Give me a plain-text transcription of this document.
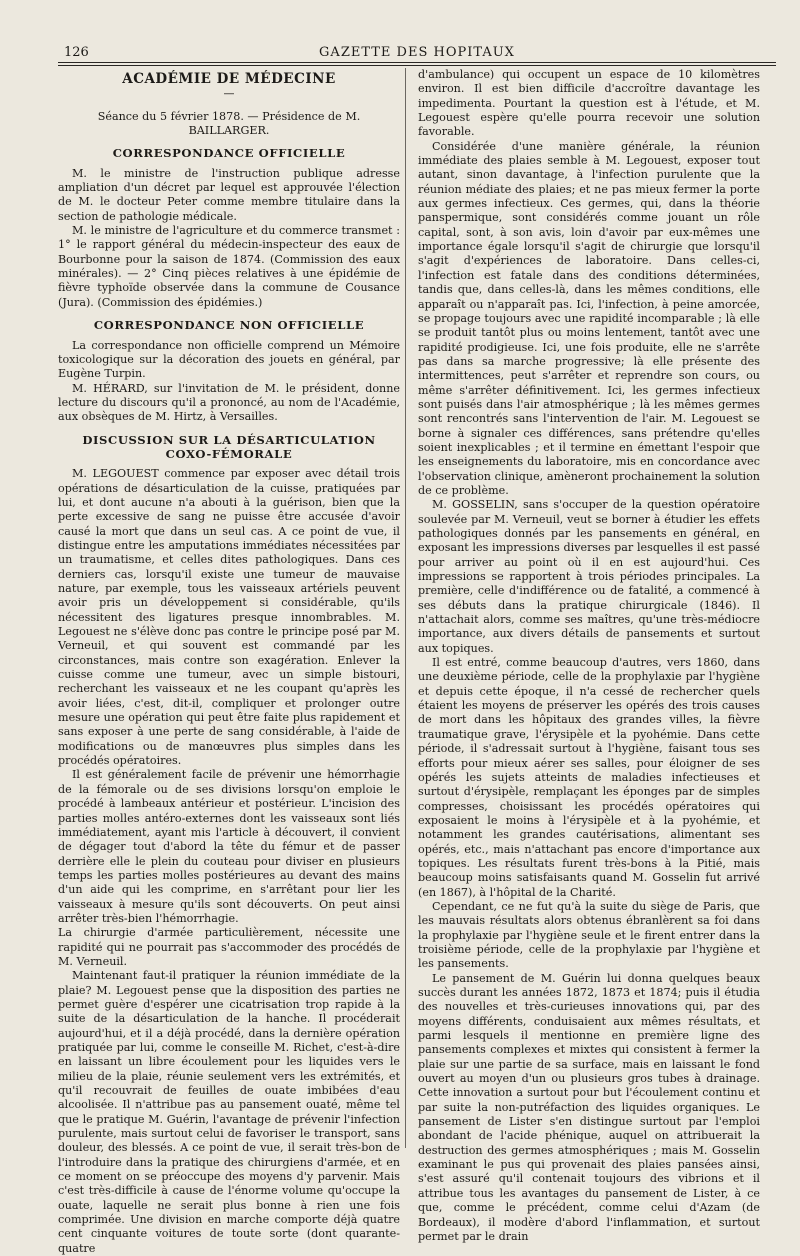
126	GAZETTE DES HOPITAUX
ACADÉMIE DE MÉDECINE
—
Séance du 5 février 1878. — Présidence de M. BAILLARGER.
CORRESPONDANCE OFFICIELLE

M. le ministre de l'instruction publique adresse ampliation d'un décret par lequel est approuvée l'élection de M. le docteur Peter comme membre titulaire dans la section de pathologie médicale.

M. le ministre de l'agriculture et du commerce transmet : 1° le rapport général du médecin-inspecteur des eaux de Bourbonne pour la saison de 1874. (Commission des eaux minérales). — 2° Cinq pièces relatives à une épidémie de fièvre typhoïde observée dans la commune de Cousance (Jura). (Commission des épidémies.)

CORRESPONDANCE NON OFFICIELLE

La correspondance non officielle comprend un Mémoire toxicologique sur la décoration des jouets en général, par Eugène Turpin.

M. HÉRARD, sur l'invitation de M. le président, donne lecture du discours qu'il a prononcé, au nom de l'Académie, aux obsèques de M. Hirtz, à Versailles.

DISCUSSION SUR LA DÉSARTICULATION COXO-FÉMORALE

M. LEGOUEST commence par exposer avec détail trois opérations de désarticulation de la cuisse, pratiquées par lui, et dont aucune n'a abouti à la guérison, bien que la perte excessive de sang ne puisse être accusée d'avoir causé la mort que dans un seul cas. A ce point de vue, il distingue entre les amputations immédiates nécessitées par un traumatisme, et celles dites pathologiques. Dans ces derniers cas, lorsqu'il existe une tumeur de mauvaise nature, par exemple, tous les vaisseaux artériels peuvent avoir pris un développement si considérable, qu'ils nécessitent des ligatures presque innombrables. M. Legouest ne s'élève donc pas contre le principe posé par M. Verneuil, et qui souvent est commandé par les circonstances, mais contre son exagération. Enlever la cuisse comme une tumeur, avec un simple bistouri, recherchant les vaisseaux et ne les coupant qu'après les avoir liées, c'est, dit-il, compliquer et prolonger outre mesure une opération qui peut être faite plus rapidement et sans exposer à une perte de sang considérable, à l'aide de modifications ou de manœuvres plus simples dans les procédés opératoires.

Il est généralement facile de prévenir une hémorrhagie de la fémorale ou de ses divisions lorsqu'on emploie le procédé à lambeaux antérieur et postérieur. L'incision des parties molles antéro-externes dont les vaisseaux sont liés immédiatement, ayant mis l'article à découvert, il convient de dégager tout d'abord la tête du fémur et de passer derrière elle le plein du couteau pour diviser en plusieurs temps les parties molles postérieures au devant des mains d'un aide qui les comprime, en s'arrêtant pour lier les vaisseaux à mesure qu'ils sont découverts. On peut ainsi arrêter très-bien l'hémorrhagie.

La chirurgie d'armée particulièrement, nécessite une rapidité qui ne pourrait pas s'accommoder des procédés de M. Verneuil.

Maintenant faut-il pratiquer la réunion immédiate de la plaie? M. Legouest pense que la disposition des parties ne permet guère d'espérer une cicatrisation trop rapide à la suite de la désarticulation de la hanche. Il procéderait aujourd'hui, et il a déjà procédé, dans la dernière opération pratiquée par lui, comme le conseille M. Richet, c'est-à-dire en laissant un libre écoulement pour les liquides vers le milieu de la plaie, réunie seulement vers les extrémités, et qu'il recouvrait de feuilles de ouate imbibées d'eau alcoolisée. Il n'attribue pas au pansement ouaté, même tel que le pratique M. Guérin, l'avantage de prévenir l'infection purulente, mais surtout celui de favoriser le transport, sans douleur, des blessés. A ce point de vue, il serait très-bon de l'introduire dans la pratique des chirurgiens d'armée, et en ce moment on se préoccupe des moyens d'y parvenir. Mais c'est très-difficile à cause de l'énorme volume qu'occupe la ouate, laquelle ne serait plus bonne à rien une fois comprimée. Une division en marche comporte déjà quatre cent cinquante voitures de toute sorte (dont quarante-quatre

d'ambulance) qui occupent un espace de 10 kilomètres environ. Il est bien difficile d'accroître davantage les impedimenta. Pourtant la question est à l'étude, et M. Legouest espère qu'elle pourra recevoir une solution favorable.

Considérée d'une manière générale, la réunion immédiate des plaies semble à M. Legouest, exposer tout autant, sinon davantage, à l'infection purulente que la réunion médiate des plaies; et ne pas mieux fermer la porte aux germes infectieux. Ces germes, qui, dans la théorie panspermique, sont considérés comme jouant un rôle capital, sont, à son avis, loin d'avoir par eux-mêmes une importance égale lorsqu'il s'agit de chirurgie que lorsqu'il s'agit d'expériences de laboratoire. Dans celles-ci, l'infection est fatale dans des conditions déterminées, tandis que, dans celles-là, dans les mêmes conditions, elle apparaît ou n'apparaît pas. Ici, l'infection, à peine amorcée, se propage toujours avec une rapidité incomparable ; là elle se produit tantôt plus ou moins lentement, tantôt avec une rapidité prodigieuse. Ici, une fois produite, elle ne s'arrête pas dans sa marche progressive; là elle présente des intermittences, peut s'arrêter et reprendre son cours, ou même s'arrêter définitivement. Ici, les germes infectieux sont puisés dans l'air atmosphérique ; là les mêmes germes sont rencontrés sans l'intervention de l'air. M. Legouest se borne à signaler ces différences, sans prétendre qu'elles soient inexplicables ; et il termine en émettant l'espoir que les enseignements du laboratoire, mis en concordance avec l'observation clinique, amèneront prochainement la solution de ce problème.

M. GOSSELIN, sans s'occuper de la question opératoire soulevée par M. Verneuil, veut se borner à étudier les effets pathologiques donnés par les pansements en général, en exposant les impressions diverses par lesquelles il est passé pour arriver au point où il en est aujourd'hui. Ces impressions se rapportent à trois périodes principales. La première, celle d'indifférence ou de fatalité, a commencé à ses débuts dans la pratique chirurgicale (1846). Il n'attachait alors, comme ses maîtres, qu'une très-médiocre importance, aux divers détails de pansements et surtout aux topiques.

Il est entré, comme beaucoup d'autres, vers 1860, dans une deuxième période, celle de la prophylaxie par l'hygiène et depuis cette époque, il n'a cessé de rechercher quels étaient les moyens de préserver les opérés des trois causes de mort dans les hôpitaux des grandes villes, la fièvre traumatique grave, l'érysipèle et la pyohémie. Dans cette période, il s'adressait surtout à l'hygiène, faisant tous ses efforts pour mieux aérer ses salles, pour éloigner de ses opérés les sujets atteints de maladies infectieuses et surtout d'érysipèle, remplaçant les éponges par de simples compresses, choisissant les procédés opératoires qui exposaient le moins à l'érysipèle et à la pyohémie, et notamment les grandes cautérisations, alimentant ses opérés, etc., mais n'attachant pas encore d'importance aux topiques. Les résultats furent très-bons à la Pitié, mais beaucoup moins satisfaisants quand M. Gosselin fut arrivé (en 1867), à l'hôpital de la Charité.

Cependant, ce ne fut qu'à la suite du siège de Paris, que les mauvais résultats alors obtenus ébranlèrent sa foi dans la prophylaxie par l'hygiène seule et le firent entrer dans la troisième période, celle de la prophylaxie par l'hygiène et les pansements.

Le pansement de M. Guérin lui donna quelques beaux succès durant les années 1872, 1873 et 1874; puis il étudia des nouvelles et très-curieuses innovations qui, par des moyens différents, conduisaient aux mêmes résultats, et parmi lesquels il mentionne en première ligne des pansements complexes et mixtes qui consistent à fermer la plaie sur une partie de sa surface, mais en laissant le fond ouvert au moyen d'un ou plusieurs gros tubes à drainage. Cette innovation a surtout pour but l'écoulement continu et par suite la non-putréfaction des liquides organiques. Le pansement de Lister s'en distingue surtout par l'emploi abondant de l'acide phénique, auquel on attribuerait la destruction des germes atmosphériques ; mais M. Gosselin examinant le pus qui provenait des plaies pansées ainsi, s'est assuré qu'il contenait toujours des vibrions et il attribue tous les avantages du pansement de Lister, à ce que, comme le précédent, comme celui d'Azam (de Bordeaux), il modère d'abord l'inflammation, et surtout permet par le drain
